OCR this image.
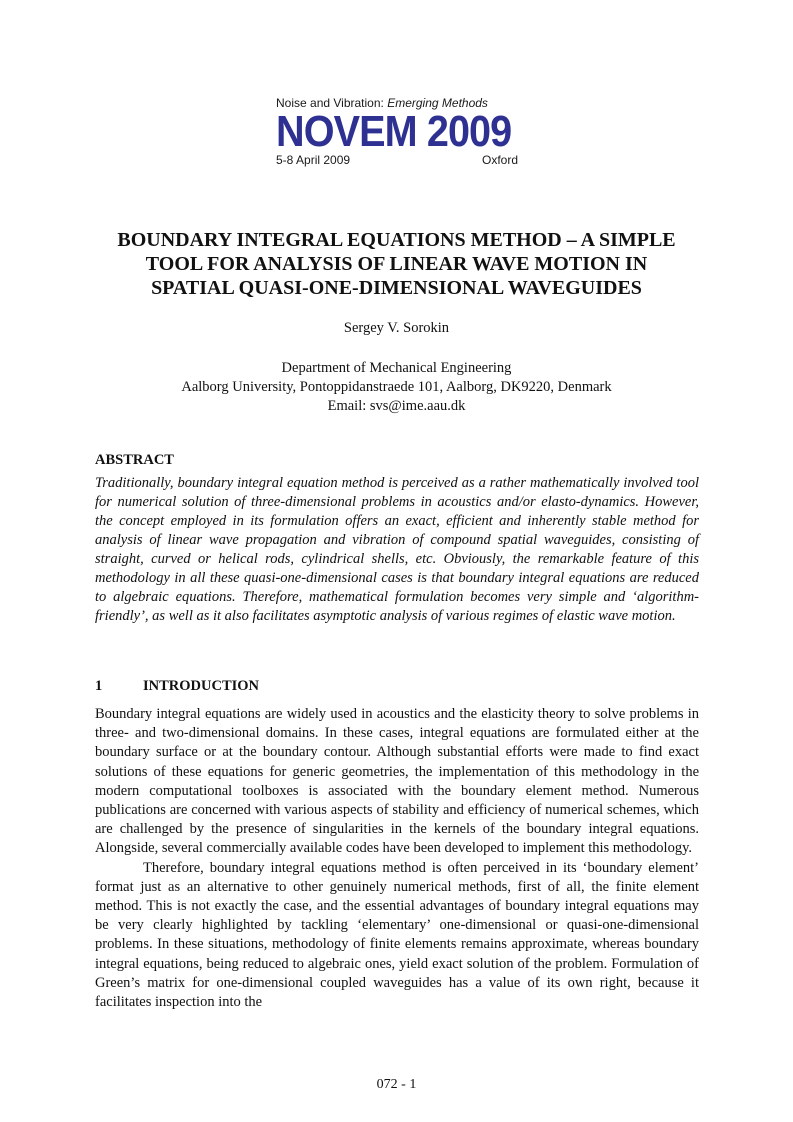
Noise and Vibration: Emerging Methods
NOVEM 2009
5-8 April 2009	Oxford
BOUNDARY INTEGRAL EQUATIONS METHOD – A SIMPLE
TOOL FOR ANALYSIS OF LINEAR WAVE MOTION IN
SPATIAL QUASI-ONE-DIMENSIONAL WAVEGUIDES
Sergey V. Sorokin
Department of Mechanical Engineering
Aalborg University, Pontoppidanstraede 101, Aalborg, DK9220, Denmark
Email: svs@ime.aau.dk
ABSTRACT
Traditionally, boundary integral equation method is perceived as a rather mathematically involved tool for numerical solution of three-dimensional problems in acoustics and/or elasto-dynamics. However, the concept employed in its formulation offers an exact, efficient and inherently stable method for analysis of linear wave propagation and vibration of compound spatial waveguides, consisting of straight, curved or helical rods, cylindrical shells, etc. Obviously, the remarkable feature of this methodology in all these quasi-one-dimensional cases is that boundary integral equations are reduced to algebraic equations. Therefore, mathematical formulation becomes very simple and ‘algorithm-friendly’, as well as it also facilitates asymptotic analysis of various regimes of elastic wave motion.
1	INTRODUCTION

Boundary integral equations are widely used in acoustics and the elasticity theory to solve problems in three- and two-dimensional domains. In these cases, integral equations are formulated either at the boundary surface or at the boundary contour. Although substantial efforts were made to find exact solutions of these equations for generic geometries, the implementation of this methodology in the modern computational toolboxes is associated with the boundary element method. Numerous publications are concerned with various aspects of stability and efficiency of numerical schemes, which are challenged by the presence of singularities in the kernels of the boundary integral equations. Alongside, several commercially available codes have been developed to implement this methodology.

Therefore, boundary integral equations method is often perceived in its ‘boundary element’ format just as an alternative to other genuinely numerical methods, first of all, the finite element method. This is not exactly the case, and the essential advantages of boundary integral equations may be very clearly highlighted by tackling ‘elementary’ one-dimensional or quasi-one-dimensional problems. In these situations, methodology of finite elements remains approximate, whereas boundary integral equations, being reduced to algebraic ones, yield exact solution of the problem. Formulation of Green’s matrix for one-dimensional coupled waveguides has a value of its own right, because it facilitates inspection into the

072 - 1
